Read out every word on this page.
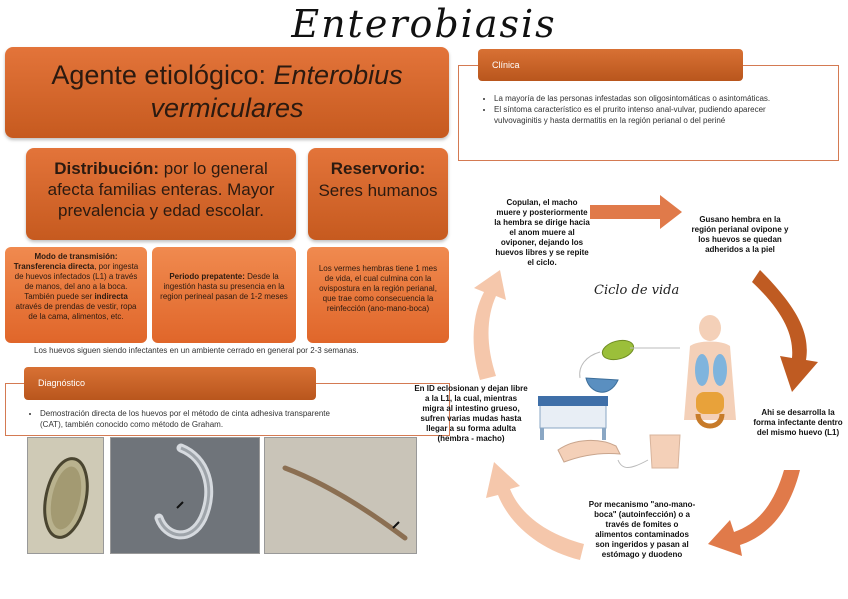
Enterobiasis
Agente etiológico: Enterobius vermiculares
Distribución: por lo general afecta familias enteras. Mayor prevalencia y edad escolar.
Reservorio:
Seres humanos
Modo de transmisión:
Transferencia directa, por ingesta de huevos infectados (L1) a través de manos, del ano a la boca. También puede ser indirecta através de prendas de vestir, ropa de la cama, alimentos, etc.
Periodo prepatente: Desde la ingestión hasta su presencia en la region perineal pasan de 1-2 meses
Los vermes hembras tiene 1 mes de vida, el cual culmina con la ovispostura en la región perianal, que trae como consecuencia la reinfección (ano-mano-boca)
Los huevos siguen siendo infectantes en un ambiente cerrado en general por 2-3 semanas.
Clínica
• La mayoría de las personas infestadas son oligosintomáticas o asintomáticas.
• El síntoma característico es el prurito intenso anal-vulvar, pudiendo aparecer vulvovaginitis y hasta dermatitis en la región perianal o del periné
Diagnóstico
• Demostración directa de los huevos por el método de cinta adhesiva transparente (CAT), también conocido como método de Graham.
Ciclo de vida
Copulan, el macho muere y posteriormente la hembra se dirige hacia el anom muere al oviponer, dejando los huevos libres y se repite el ciclo.
Gusano hembra en la región perianal ovipone y los huevos se quedan adheridos a la piel
Ahi se desarrolla la forma infectante dentro del mismo huevo (L1)
Por mecanismo "ano-mano-boca" (autoinfección) o a través de fomites o alimentos contaminados son ingeridos y pasan al estómago y duodeno
En ID eclosionan y dejan libre a la L1, la cual, mientras migra al intestino grueso, sufren varias mudas hasta llegar a su forma adulta (hembra - macho)
